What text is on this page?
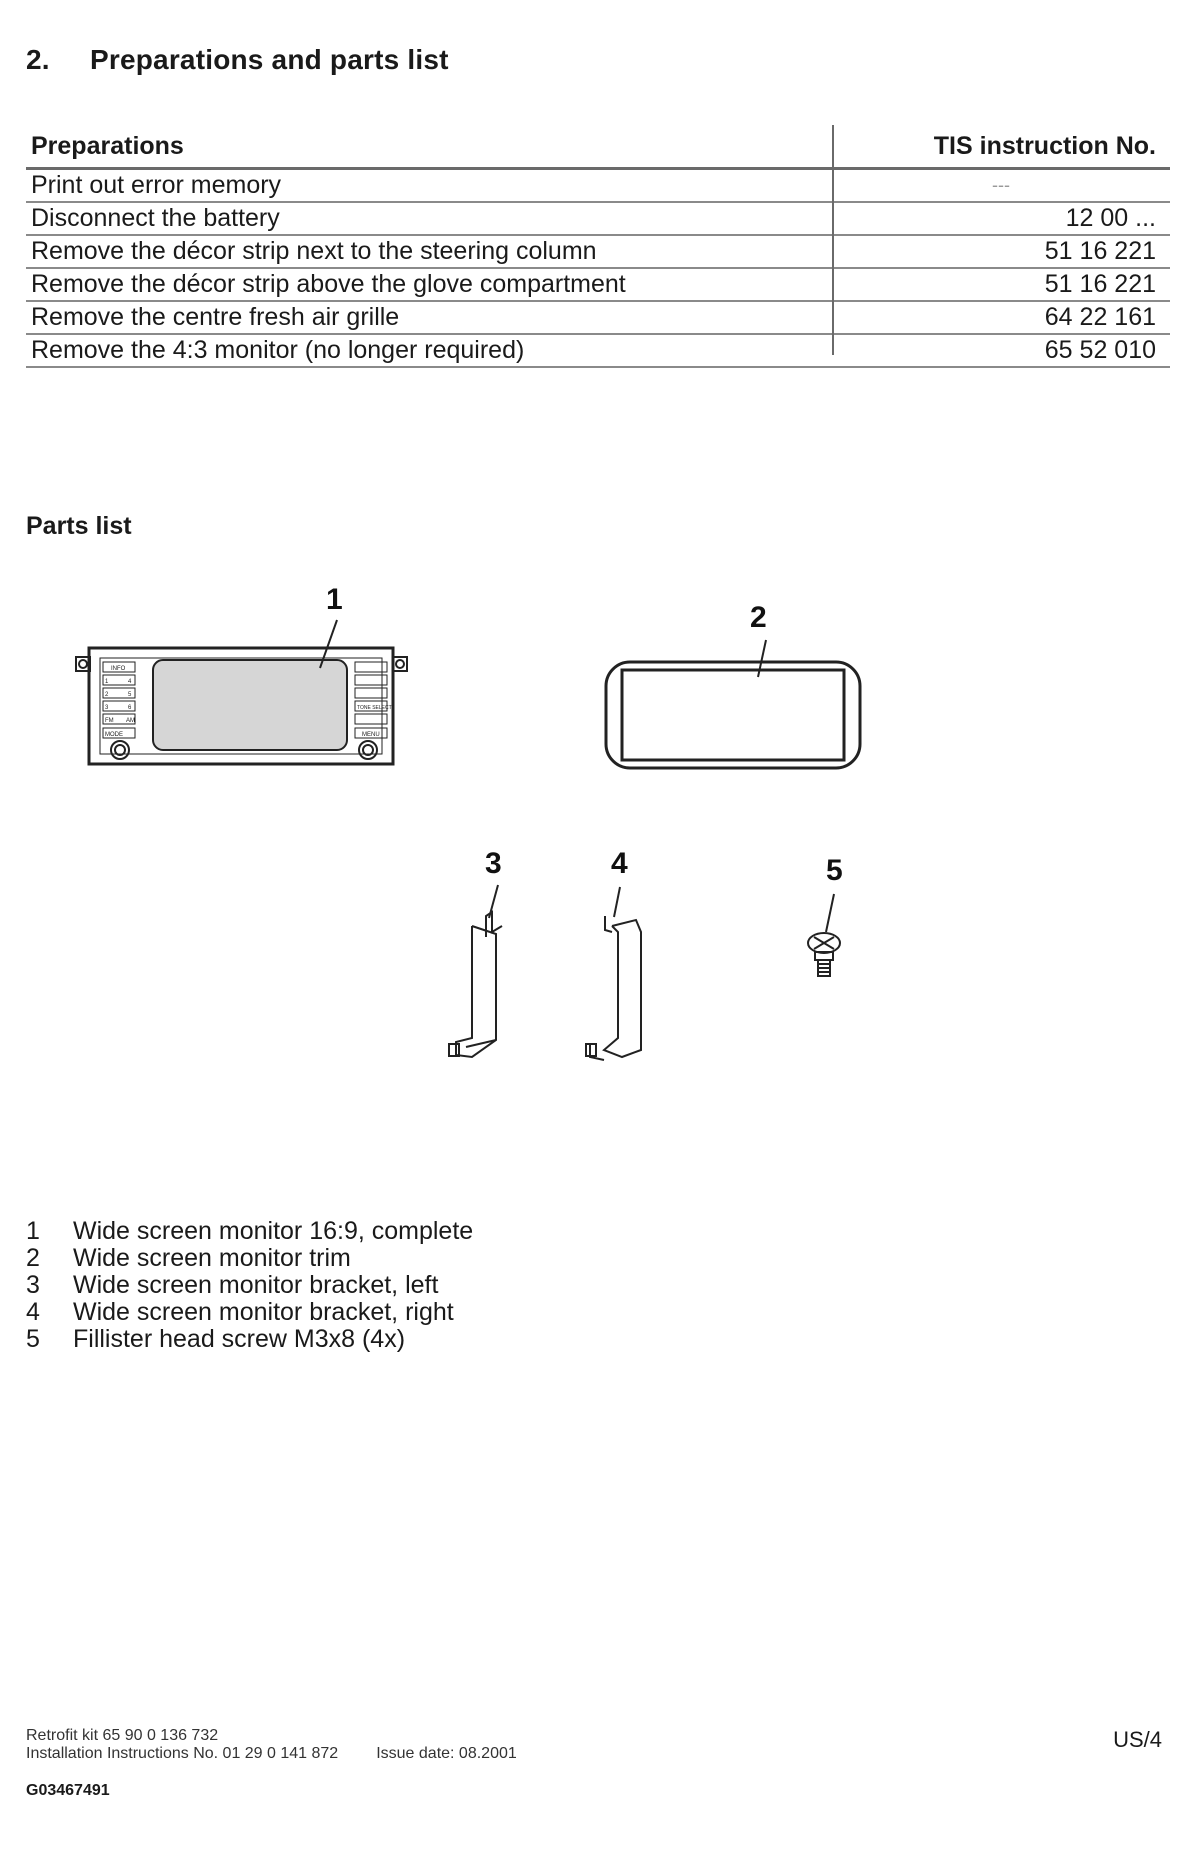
2. Preparations and parts list
Preparations	TIS instruction No.
Print out error memory	---
Disconnect the battery	12 00 ...
Remove the décor strip next to the steering column	51 16 221
Remove the décor strip above the glove compartment	51 16 221
Remove the centre fresh air grille	64 22 161
Remove the 4:3 monitor (no longer required)	65 52 010
Parts list
INFO
1	4
2	5
3	6
FM AM
MODE
TONE SELECT
MENU
1
2
3	4	5
1 Wide screen monitor 16:9, complete
2 Wide screen monitor trim
3 Wide screen monitor bracket, left
4 Wide screen monitor bracket, right
5 Fillister head screw M3x8 (4x)
Retrofit kit 65 90 0 136 732
Installation Instructions No. 01 29 0 141 872 Issue date: 08.2001
US/4
G03467491
